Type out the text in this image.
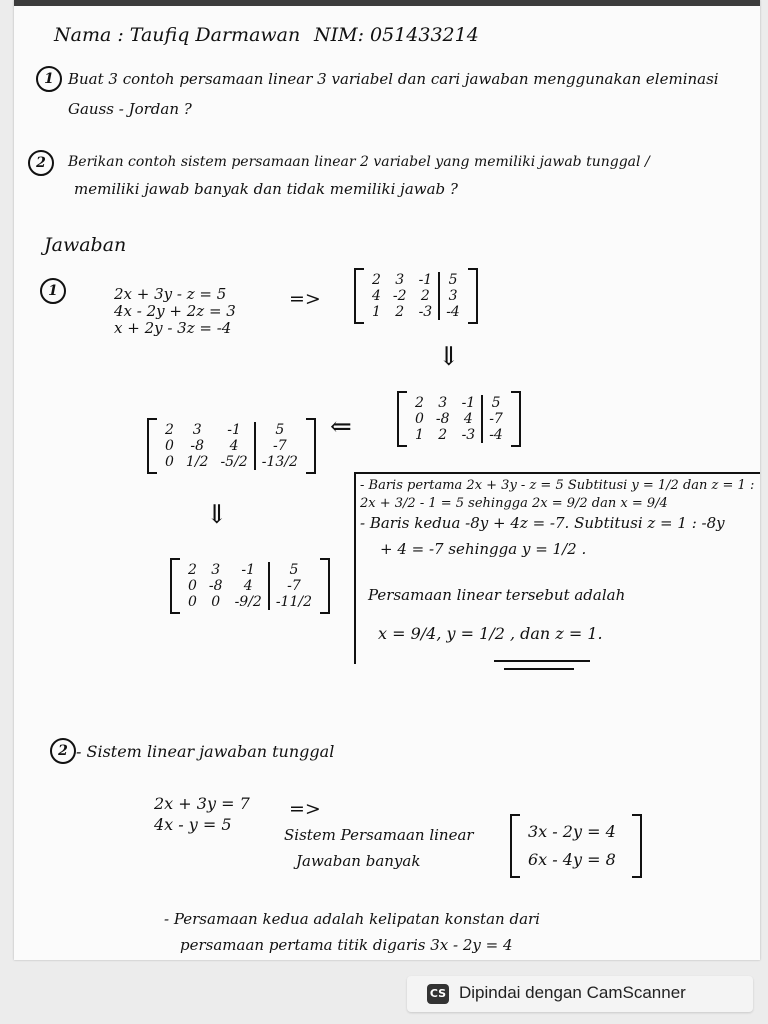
Nama : Taufiq Darmawan NIM: 051433214
1 Buat 3 contoh persamaan linear 3 variabel dan cari jawaban menggunakan eleminasi
Gauss - Jordan ?
2	Berikan contoh sistem persamaan linear 2 variabel yang memiliki jawab tunggal /
memiliki jawab banyak dan tidak memiliki jawab ?
Jawaban
1	2x + 3y - z = 5
4x - 2y + 2z = 3
x + 2y - 3z = -4
=>
2	3	-1	5
4	-2	2	3
1	2	-3	-4
⇓
2	3	-1	5
0	-8	4	-7
1	2	-3	-4
⇐
2	3	-1	5
0	-8	4	-7
0	1/2	-5/2	-13/2
⇓
2	3	-1	5
0	-8	4	-7
0	0	-9/2	-11/2
- Baris pertama 2x + 3y - z = 5 Subtitusi y = 1/2 dan z = 1 :
2x + 3/2 - 1 = 5 sehingga 2x = 9/2 dan x = 9/4
- Baris kedua -8y + 4z = -7. Subtitusi z = 1 : -8y
+ 4 = -7 sehingga y = 1/2 .
Persamaan linear tersebut adalah
x = 9/4, y = 1/2 , dan z = 1.
2 - Sistem linear jawaban tunggal
2x + 3y = 7
4x - y = 5
=>
Sistem Persamaan linear
Jawaban banyak
3x - 2y = 4
6x - 4y = 8
- Persamaan kedua adalah kelipatan konstan dari
persamaan pertama titik digaris 3x - 2y = 4
CS Dipindai dengan CamScanner
